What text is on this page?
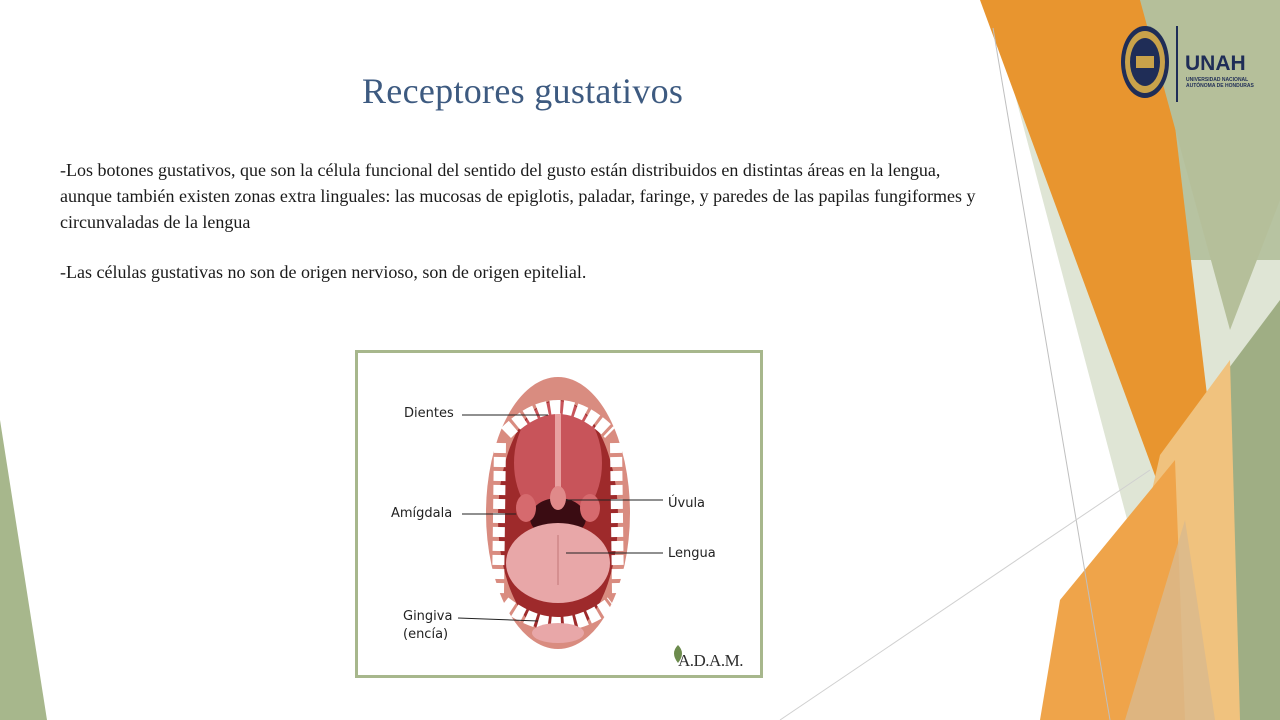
UNAH
UNIVERSIDAD NACIONAL
AUTÓNOMA DE HONDURAS
Receptores gustativos
-Los botones gustativos, que son la célula funcional del sentido del gusto están distribuidos en distintas áreas en la lengua, aunque también existen zonas extra linguales: las mucosas de epiglotis, paladar, faringe, y paredes de las papilas fungiformes y circunvaladas de la lengua
-Las células gustativas no son de origen nervioso, son de origen epitelial.
Dientes
Amígdala
Úvula
Lengua
Gingiva
(encía)
A.D.A.M.
